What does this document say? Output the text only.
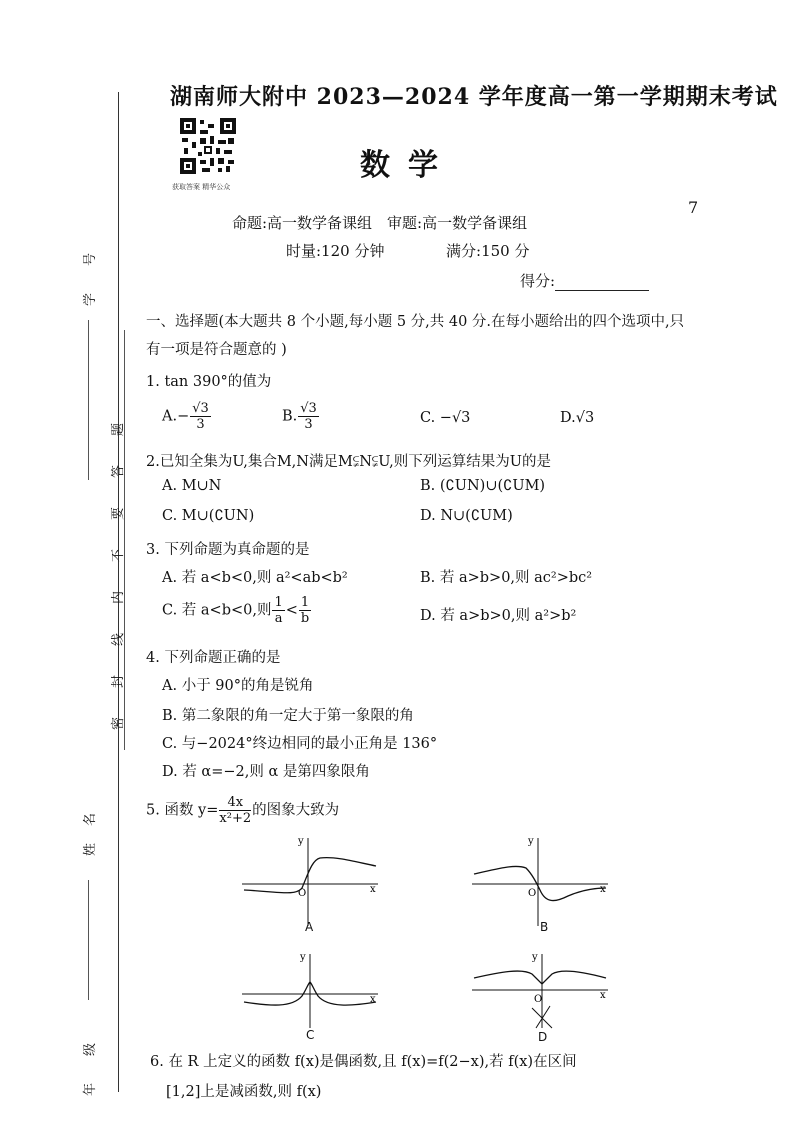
题
答
要
不
内
线
封
密
年
级
姓
名
学
号
湖南师大附中 2023—2024 学年度高一第一学期期末考试
获取答案 精华公众
数学
7
命题:高一数学备课组　审题:高一数学备课组
时量:120 分钟	满分:150 分
得分:
一、选择题(本大题共 8 个小题,每小题 5 分,共 40 分.在每小题给出的四个选项中,只有一项是符合题意的 )
1. tan 390°的值为
$A.- \frac{√3}{3}$	B. $\frac{√3}{3}$	C. −√3	D.√3
2.已知全集为U,集合M,N满足M⫋N⫋U,则下列运算结果为U的是
A. M∪N	B. (∁UN)∪(∁UM)
C. M∪(∁UN)	D. N∪(∁UM)
3. 下列命题为真命题的是
A. 若 a<b<0,则 a²<ab<b²	B. 若 a>b>0,则 ac²>bc²
C. 若 a<b<0,则 $\frac{1}{a} < \frac{1}{b}$	D. 若 a>b>0,则 a²>b²
4. 下列命题正确的是
A. 小于 90°的角是锐角
B. 第二象限的角一定大于第一象限的角
C. 与−2024°终边相同的最小正角是 136°
D. 若 α=−2,则 α 是第四象限角
5. 函数 $y= \frac{4x}{\text{x²+2}}$ 的图象大致为
x
y
O
A
x
y
O
B
x
y
C
x
y
O
D
6. 在 R 上定义的函数 f(x)是偶函数,且 f(x)=f(2−x),若 f(x)在区间
[1,2]上是减函数,则 f(x)
